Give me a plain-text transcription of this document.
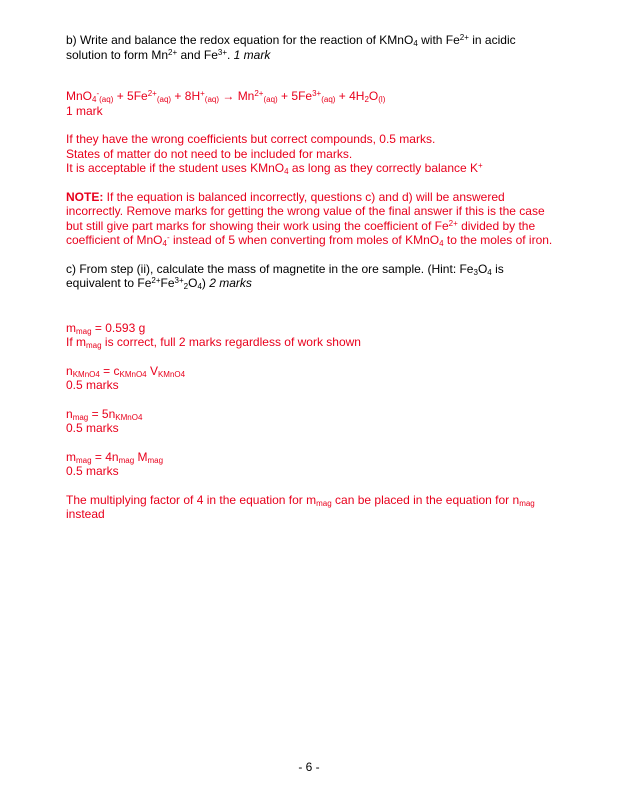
b) Write and balance the redox equation for the reaction of KMnO$_4$ with $Fe^{2+}$ in acidic solution to form $Mn^{2+}$ and $Fe^{3+}$. 1 mark

$MnO_4^-_{(aq)} + 5Fe^{2+}_{(aq)} + 8H^+_{(aq)} \to Mn^{2+}_{(aq)} + 5Fe^{3+}_{(aq)} + 4H_2O_{(l)}$
1 mark

If they have the wrong coefficients but correct compounds, 0.5 marks.
States of matter do not need to be included for marks.
It is acceptable if the student uses KMnO$_4$ as long as they correctly balance K+

NOTE: If the equation is balanced incorrectly, questions c) and d) will be answered incorrectly. Remove marks for getting the wrong value of the final answer if this is the case but still give part marks for showing their work using the coefficient of $Fe^{2+}$ divided by the coefficient of MnO$_4$- instead of 5 when converting from moles of KMnO$_4$ to the moles of iron.

c) From step (ii), calculate the mass of magnetite in the ore sample. (Hint: $Fe_3O_4$ is equivalent to $Fe^{2+}Fe^{3+}_2O_4$) 2 marks

$m_{mag} = 0.593$ g
If $m_{mag}$ is correct, full 2 marks regardless of work shown

$n_{KMnO4} = c_{KMnO4}$ $V_{KMnO4}$
0.5 marks

$n_{mag} = 5n_{KMnO4}$
0.5 marks

$m_{mag} = 4n_{mag}$ $M_{mag}$
0.5 marks

The multiplying factor of 4 in the equation for $m_{mag}$ can be placed in the equation for $n_{mag}$ instead

- 6 -
